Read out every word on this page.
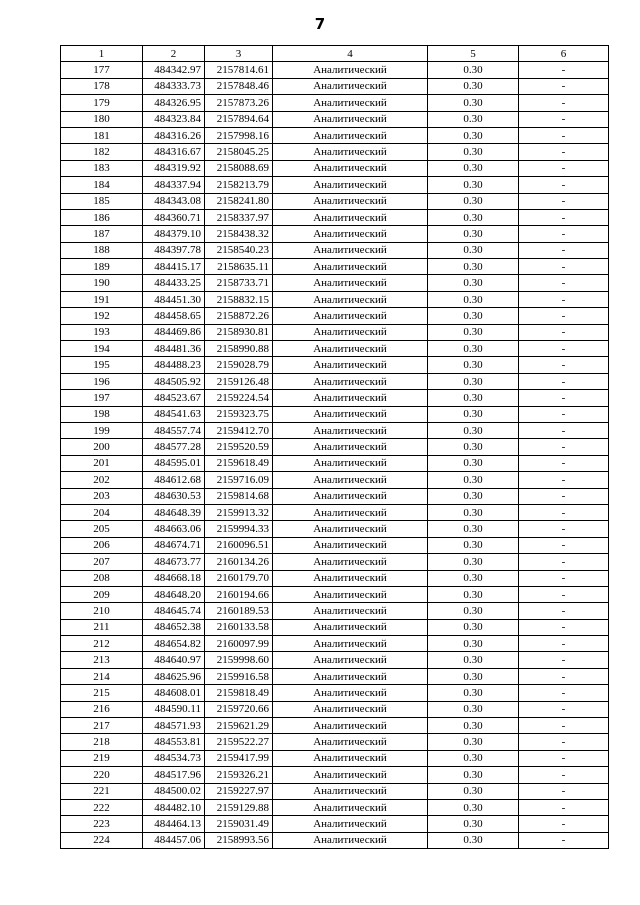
7
1	2	3	4	5	6
177	484342.97	2157814.61	Аналитический	0.30	-
178	484333.73	2157848.46	Аналитический	0.30	-
179	484326.95	2157873.26	Аналитический	0.30	-
180	484323.84	2157894.64	Аналитический	0.30	-
181	484316.26	2157998.16	Аналитический	0.30	-
182	484316.67	2158045.25	Аналитический	0.30	-
183	484319.92	2158088.69	Аналитический	0.30	-
184	484337.94	2158213.79	Аналитический	0.30	-
185	484343.08	2158241.80	Аналитический	0.30	-
186	484360.71	2158337.97	Аналитический	0.30	-
187	484379.10	2158438.32	Аналитический	0.30	-
188	484397.78	2158540.23	Аналитический	0.30	-
189	484415.17	2158635.11	Аналитический	0.30	-
190	484433.25	2158733.71	Аналитический	0.30	-
191	484451.30	2158832.15	Аналитический	0.30	-
192	484458.65	2158872.26	Аналитический	0.30	-
193	484469.86	2158930.81	Аналитический	0.30	-
194	484481.36	2158990.88	Аналитический	0.30	-
195	484488.23	2159028.79	Аналитический	0.30	-
196	484505.92	2159126.48	Аналитический	0.30	-
197	484523.67	2159224.54	Аналитический	0.30	-
198	484541.63	2159323.75	Аналитический	0.30	-
199	484557.74	2159412.70	Аналитический	0.30	-
200	484577.28	2159520.59	Аналитический	0.30	-
201	484595.01	2159618.49	Аналитический	0.30	-
202	484612.68	2159716.09	Аналитический	0.30	-
203	484630.53	2159814.68	Аналитический	0.30	-
204	484648.39	2159913.32	Аналитический	0.30	-
205	484663.06	2159994.33	Аналитический	0.30	-
206	484674.71	2160096.51	Аналитический	0.30	-
207	484673.77	2160134.26	Аналитический	0.30	-
208	484668.18	2160179.70	Аналитический	0.30	-
209	484648.20	2160194.66	Аналитический	0.30	-
210	484645.74	2160189.53	Аналитический	0.30	-
211	484652.38	2160133.58	Аналитический	0.30	-
212	484654.82	2160097.99	Аналитический	0.30	-
213	484640.97	2159998.60	Аналитический	0.30	-
214	484625.96	2159916.58	Аналитический	0.30	-
215	484608.01	2159818.49	Аналитический	0.30	-
216	484590.11	2159720.66	Аналитический	0.30	-
217	484571.93	2159621.29	Аналитический	0.30	-
218	484553.81	2159522.27	Аналитический	0.30	-
219	484534.73	2159417.99	Аналитический	0.30	-
220	484517.96	2159326.21	Аналитический	0.30	-
221	484500.02	2159227.97	Аналитический	0.30	-
222	484482.10	2159129.88	Аналитический	0.30	-
223	484464.13	2159031.49	Аналитический	0.30	-
224	484457.06	2158993.56	Аналитический	0.30	-
